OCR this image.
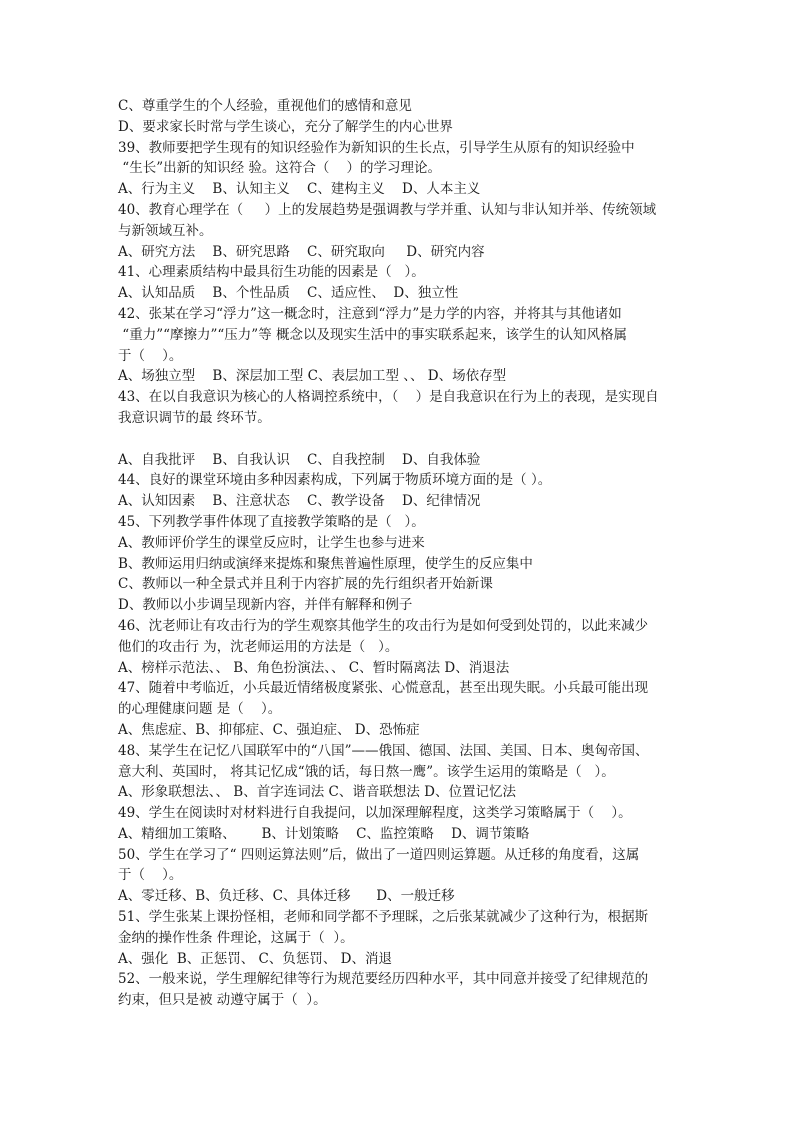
C、尊重学生的个人经验，重视他们的感情和意见
D、要求家长时常与学生谈心，充分了解学生的内心世界
39、教师要把学生现有的知识经验作为新知识的生长点，引导学生从原有的知识经验中
“生长”出新的知识经 验。这符合（    ）的学习理论。
A、行为主义    B、认知主义    C、建构主义    D、人本主义
40、教育心理学在（     ）上的发展趋势是强调教与学并重、认知与非认知并举、传统领域
与新领域互补。
A、研究方法    B、研究思路    C、研究取向     D、研究内容
41、心理素质结构中最具衍生功能的因素是（   ）。
A、认知品质    B、个性品质    C、适应性、  D、独立性
42、张某在学习“浮力”这一概念时，注意到“浮力”是力学的内容，并将其与其他诸如
“重力”“摩擦力”“压力”等 概念以及现实生活中的事实联系起来，该学生的认知风格属
于（    ）。
A、场独立型    B、深层加工型 C、表层加工型 、、 D、场依存型
43、在以自我意识为核心的人格调控系统中，（    ）是自我意识在行为上的表现，是实现自
我意识调节的最 终环节。
A、自我批评    B、自我认识    C、自我控制    D、自我体验
44、良好的课堂环境由多种因素构成，下列属于物质环境方面的是（ ）。
A、认知因素    B、注意状态    C、教学设备    D、纪律情况
45、下列教学事件体现了直接教学策略的是（   ）。
A、教师评价学生的课堂反应时，让学生也参与进来
B、教师运用归纳或演绎来提炼和聚焦普遍性原理，使学生的反应集中
C、教师以一种全景式并且利于内容扩展的先行组织者开始新课
D、教师以小步调呈现新内容，并伴有解释和例子
46、沈老师让有攻击行为的学生观察其他学生的攻击行为是如何受到处罚的，以此来减少
他们的攻击行 为，沈老师运用的方法是（   ）。
A、榜样示范法、、 B、角色扮演法、、 C、暂时隔离法 D、消退法
47、随着中考临近，小兵最近情绪极度紧张、心慌意乱，甚至出现失眠。小兵最可能出现
的心理健康问题 是（    ）。
A、焦虑症、B、抑郁症、C、强迫症、 D、恐怖症
48、某学生在记忆八国联军中的“八国”——俄国、德国、法国、美国、日本、奥匈帝国、
意大利、英国时， 将其记忆成“饿的话，每日熬一鹰”。该学生运用的策略是（   ）。
A、形象联想法、、 B、首字连词法 C、谐音联想法 D、位置记忆法
49、学生在阅读时对材料进行自我提问，以加深理解程度，这类学习策略属于（    ）。
A、精细加工策略、      B、计划策略    C、监控策略    D、调节策略
50、学生在学习了“ 四则运算法则”后，做出了一道四则运算题。从迁移的角度看，这属
于（    ）。
A、零迁移、B、负迁移、C、具体迁移      D、一般迁移
51、学生张某上课扮怪相，老师和同学都不予理睬，之后张某就减少了这种行为，根据斯
金纳的操作性条 件理论，这属于（  ）。
A、强化  B、正惩罚、 C、负惩罚、 D、消退
52、一般来说，学生理解纪律等行为规范要经历四种水平，其中同意并接受了纪律规范的
约束，但只是被 动遵守属于（  ）。
